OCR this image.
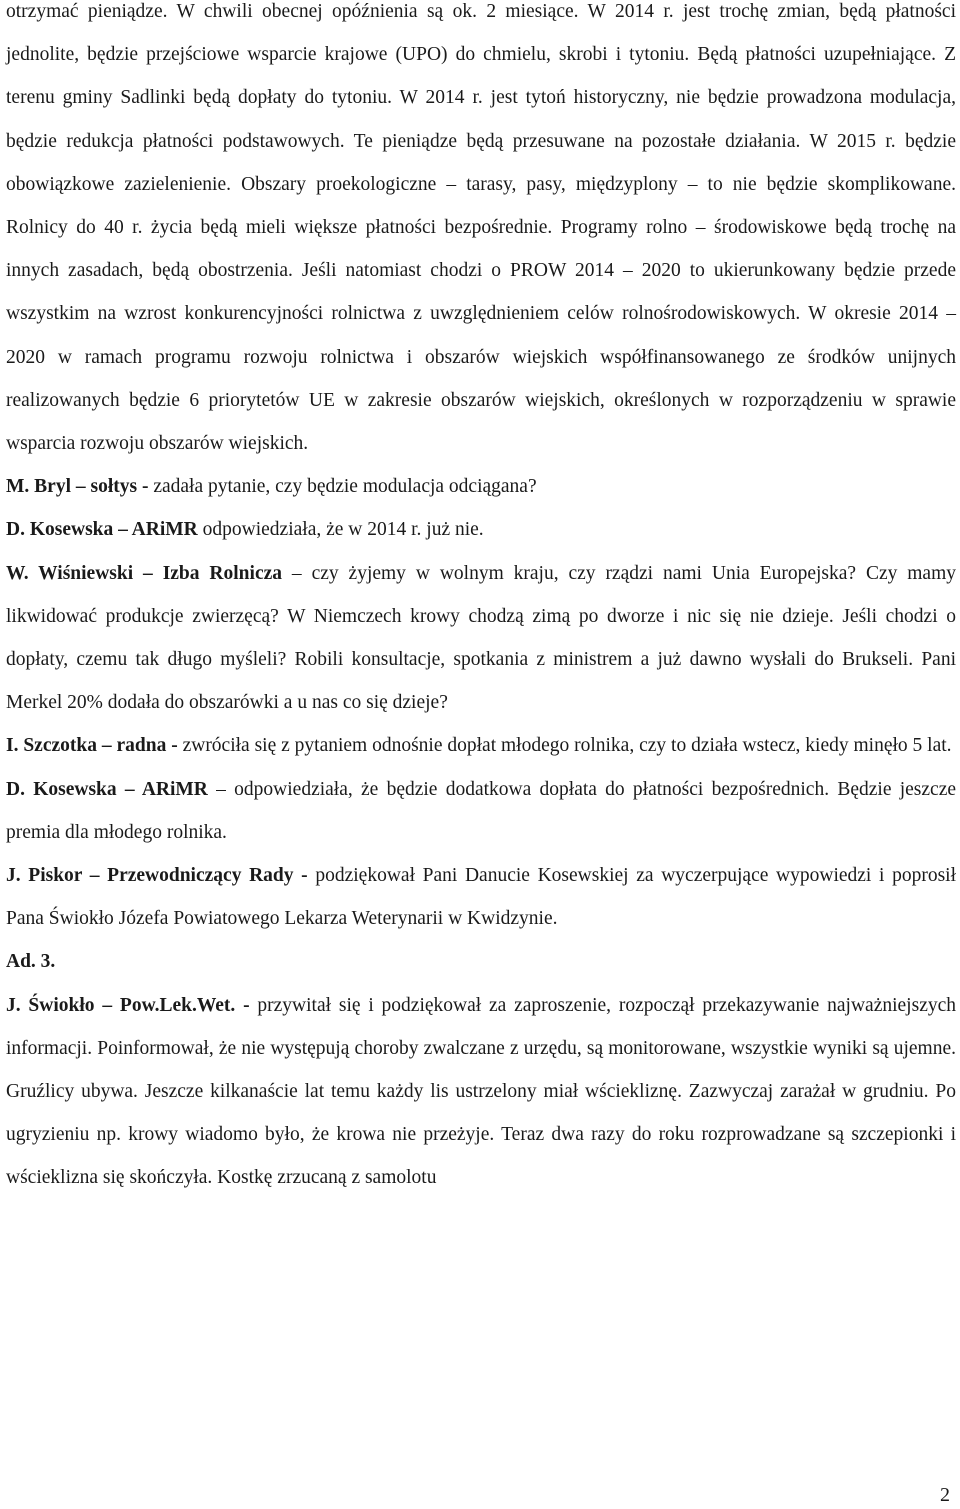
otrzymać pieniądze. W chwili obecnej opóźnienia są ok. 2 miesiące. W 2014 r. jest trochę zmian, będą płatności jednolite, będzie przejściowe wsparcie krajowe (UPO) do chmielu, skrobi i tytoniu. Będą płatności uzupełniające. Z terenu gminy Sadlinki będą dopłaty do tytoniu. W 2014 r. jest tytoń historyczny, nie będzie prowadzona modulacja, będzie redukcja płatności podstawowych. Te pieniądze będą przesuwane na pozostałe działania. W 2015 r. będzie obowiązkowe zazielenienie. Obszary proekologiczne – tarasy, pasy, międzyplony – to nie będzie skomplikowane. Rolnicy do 40 r. życia będą mieli większe płatności bezpośrednie. Programy rolno – środowiskowe będą trochę na innych zasadach, będą obostrzenia. Jeśli natomiast chodzi o PROW 2014 – 2020 to ukierunkowany będzie przede wszystkim na wzrost konkurencyjności rolnictwa z uwzględnieniem celów rolnośrodowiskowych. W okresie 2014 – 2020 w ramach programu rozwoju rolnictwa i obszarów wiejskich współfinansowanego ze środków unijnych realizowanych będzie 6 priorytetów UE w zakresie obszarów wiejskich, określonych w rozporządzeniu w sprawie wsparcia rozwoju obszarów wiejskich.

M. Bryl – sołtys - zadała pytanie, czy będzie modulacja odciągana?

D. Kosewska – ARiMR odpowiedziała, że w 2014 r. już nie.

W. Wiśniewski – Izba Rolnicza – czy żyjemy w wolnym kraju, czy rządzi nami Unia Europejska? Czy mamy likwidować produkcje zwierzęcą? W Niemczech krowy chodzą zimą po dworze i nic się nie dzieje. Jeśli chodzi o dopłaty, czemu tak długo myśleli? Robili konsultacje, spotkania z ministrem a już dawno wysłali do Brukseli. Pani Merkel 20% dodała do obszarówki a u nas co się dzieje?

I. Szczotka – radna - zwróciła się z pytaniem odnośnie dopłat młodego rolnika, czy to działa wstecz, kiedy minęło 5 lat.

D. Kosewska – ARiMR – odpowiedziała, że będzie dodatkowa dopłata do płatności bezpośrednich. Będzie jeszcze premia dla młodego rolnika.

J. Piskor – Przewodniczący Rady - podziękował Pani Danucie Kosewskiej za wyczerpujące wypowiedzi i poprosił Pana Świokło Józefa Powiatowego Lekarza Weterynarii w Kwidzynie.

Ad. 3.

J. Świokło – Pow.Lek.Wet. - przywitał się i podziękował za zaproszenie, rozpoczął przekazywanie najważniejszych informacji. Poinformował, że nie występują choroby zwalczane z urzędu, są monitorowane, wszystkie wyniki są ujemne. Gruźlicy ubywa. Jeszcze kilkanaście lat temu każdy lis ustrzelony miał wściekliznę. Zazwyczaj zarażał w grudniu. Po ugryzieniu np. krowy wiadomo było, że krowa nie przeżyje. Teraz dwa razy do roku rozprowadzane są szczepionki i wścieklizna się skończyła. Kostkę zrzucaną z samolotu

2
